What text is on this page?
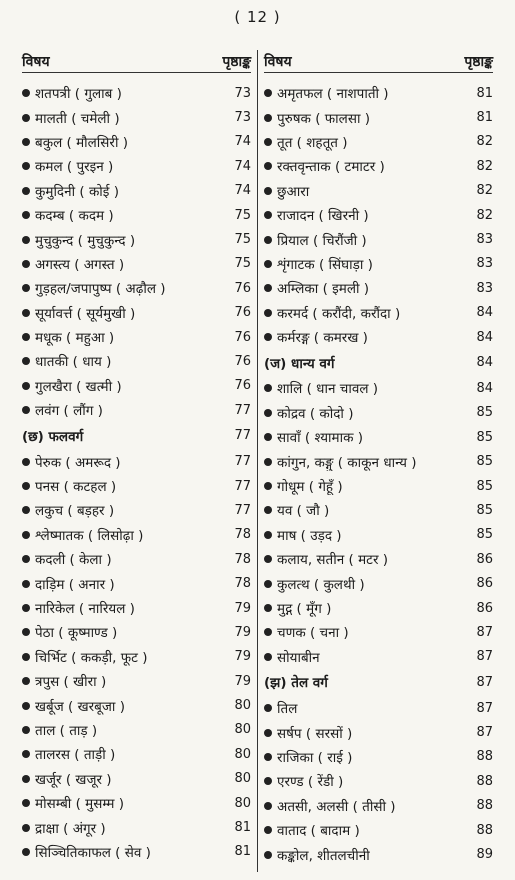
( 12 )
विषय	पृष्ठाङ्क
शतपत्री ( गुलाब )	73
मालती ( चमेली )	73
बकुल ( मौलसिरी )	74
कमल ( पुरइन )	74
कुमुदिनी ( कोई )	74
कदम्ब ( कदम )	75
मुचुकुन्द ( मुचुकुन्द )	75
अगस्त्य ( अगस्त )	75
गुड़हल/जपापुष्प ( अढ़ौल )	76
सूर्यावर्त्त ( सूर्यमुखी )	76
मधूक ( महुआ )	76
धातकी ( धाय )	76
गुलखैरा ( खत्मी )	76
लवंग ( लौंग )	77
(छ) फलवर्ग	77
पेरुक ( अमरूद )	77
पनस ( कटहल )	77
लकुच ( बड़हर )	77
श्लेष्मातक ( लिसोढ़ा )	78
कदली ( केला )	78
दाड़िम ( अनार )	78
नारिकेल ( नारियल )	79
पेठा ( कूष्माण्ड )	79
चिर्भिट ( ककड़ी, फूट )	79
त्रपुस ( खीरा )	79
खर्बूज ( खरबूजा )	80
ताल ( ताड़ )	80
तालरस ( ताड़ी )	80
खर्जूर ( खजूर )	80
मोसम्बी ( मुसम्म )	80
द्राक्षा ( अंगूर )	81
सिञ्चितिकाफल ( सेव )	81
विषय	पृष्ठाङ्क
अमृतफल ( नाशपाती )	81
पुरुषक ( फालसा )	81
तूत ( शहतूत )	82
रक्तवृन्ताक ( टमाटर )	82
छुआरा	82
राजादन ( खिरनी )	82
प्रियाल ( चिरौंजी )	83
शृंगाटक ( सिंघाड़ा )	83
अम्लिका ( इमली )	83
करमर्द ( करौंदी, करौंदा )	84
कर्मरङ्ग ( कमरख )	84
(ज) धान्य वर्ग	84
शालि ( धान चावल )	84
कोद्रव ( कोदो )	85
सावाँ ( श्यामाक )	85
कांगुन, कङ्गु ( काकून धान्य )	85
गोधूम ( गेहूँ )	85
यव ( जौ )	85
माष ( उड़द )	85
कलाय, सतीन ( मटर )	86
कुलत्थ ( कुलथी )	86
मुद्ग ( मूँग )	86
चणक ( चना )	87
सोयाबीन	87
(झ) तेल वर्ग	87
तिल	87
सर्षप ( सरसों )	87
राजिका ( राई )	88
एरण्ड ( रेंडी )	88
अतसी, अलसी ( तीसी )	88
वाताद ( बादाम )	88
कङ्कोल, शीतलचीनी	89
